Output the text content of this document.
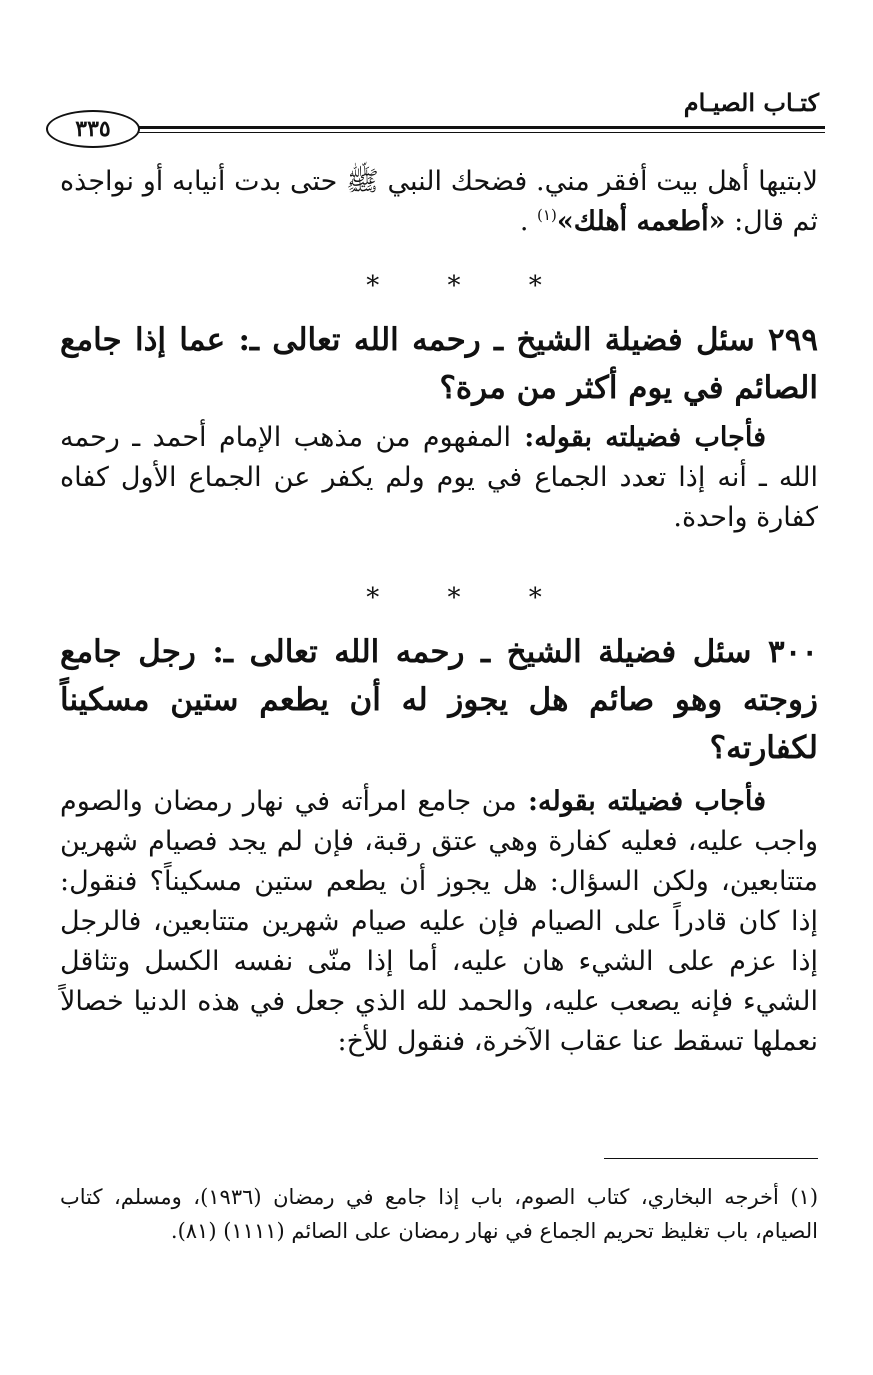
كتـاب الصيـام
٣٣٥

لابتيها أهل بيت أفقر مني. فضحك النبي ﷺ حتى بدت أنيابه أو نواجذه ثم قال: «أطعمه أهلك»$^{(١)}$ .

* * *

٢٩٩ سئل فضيلة الشيخ ـ رحمه الله تعالى ـ: عما إذا جامع الصائم في يوم أكثر من مرة؟

فأجاب فضيلته بقوله: المفهوم من مذهب الإمام أحمد ـ رحمه الله ـ أنه إذا تعدد الجماع في يوم ولم يكفر عن الجماع الأول كفاه كفارة واحدة.

* * *

٣٠٠ سئل فضيلة الشيخ ـ رحمه الله تعالى ـ: رجل جامع زوجته وهو صائم هل يجوز له أن يطعم ستين مسكيناً لكفارته؟

فأجاب فضيلته بقوله: من جامع امرأته في نهار رمضان والصوم واجب عليه، فعليه كفارة وهي عتق رقبة، فإن لم يجد فصيام شهرين متتابعين، ولكن السؤال: هل يجوز أن يطعم ستين مسكيناً؟ فنقول: إذا كان قادراً على الصيام فإن عليه صيام شهرين متتابعين، فالرجل إذا عزم على الشيء هان عليه، أما إذا منّى نفسه الكسل وتثاقل الشيء فإنه يصعب عليه، والحمد لله الذي جعل في هذه الدنيا خصالاً نعملها تسقط عنا عقاب الآخرة، فنقول للأخ:

(١) أخرجه البخاري، كتاب الصوم، باب إذا جامع في رمضان (١٩٣٦)، ومسلم، كتاب الصيام، باب تغليظ تحريم الجماع في نهار رمضان على الصائم (١١١١) (٨١).
